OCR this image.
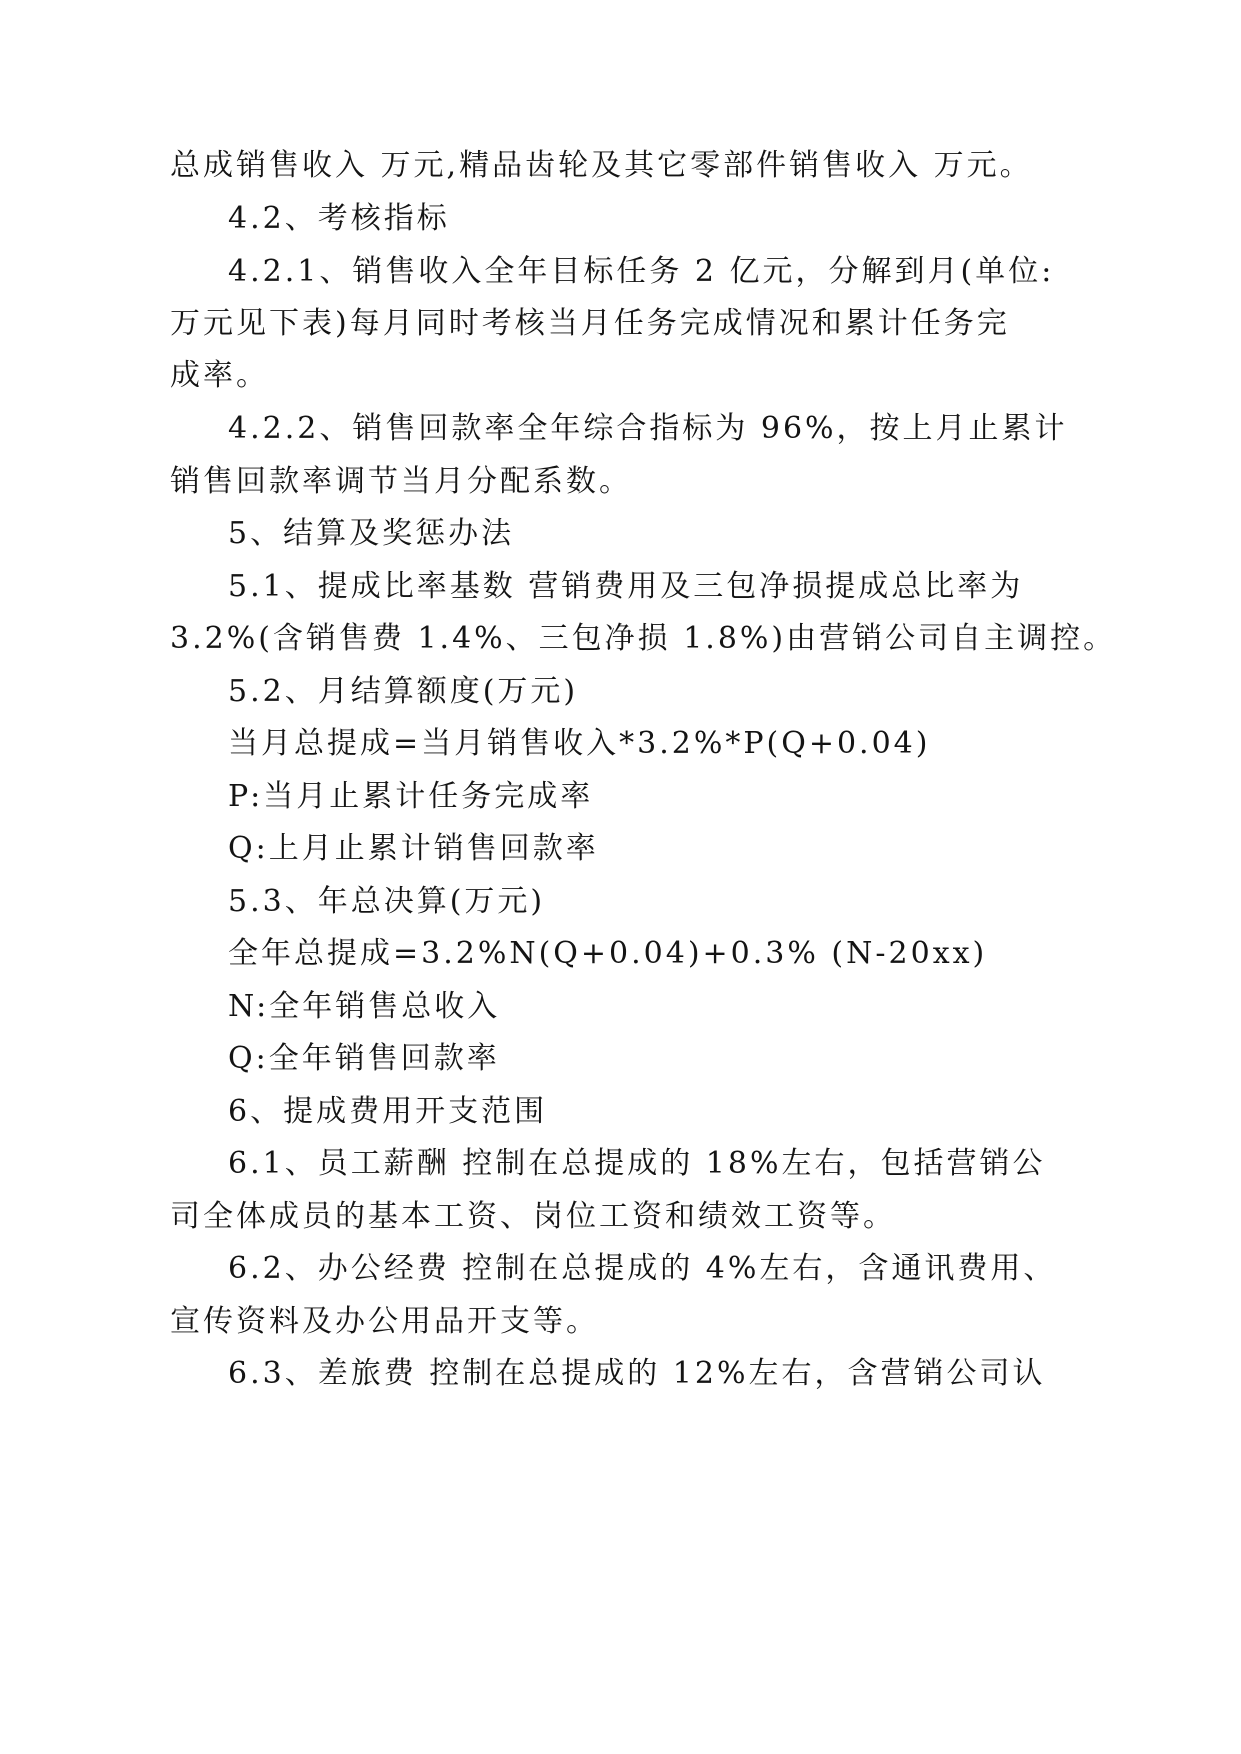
总成销售收入 万元,精品齿轮及其它零部件销售收入 万元。
4.2、考核指标
4.2.1、销售收入全年目标任务 2 亿元，分解到月(单位:
万元见下表)每月同时考核当月任务完成情况和累计任务完
成率。
4.2.2、销售回款率全年综合指标为 96%，按上月止累计
销售回款率调节当月分配系数。
5、结算及奖惩办法
5.1、提成比率基数 营销费用及三包净损提成总比率为
3.2%(含销售费 1.4%、三包净损 1.8%)由营销公司自主调控。
5.2、月结算额度(万元)
当月总提成=当月销售收入*3.2%*P(Q+0.04)
P:当月止累计任务完成率
Q:上月止累计销售回款率
5.3、年总决算(万元)
全年总提成=3.2%N(Q+0.04)+0.3% (N-20xx)
N:全年销售总收入
Q:全年销售回款率
6、提成费用开支范围
6.1、员工薪酬 控制在总提成的 18%左右，包括营销公
司全体成员的基本工资、岗位工资和绩效工资等。
6.2、办公经费 控制在总提成的 4%左右，含通讯费用、
宣传资料及办公用品开支等。
6.3、差旅费 控制在总提成的 12%左右，含营销公司认
